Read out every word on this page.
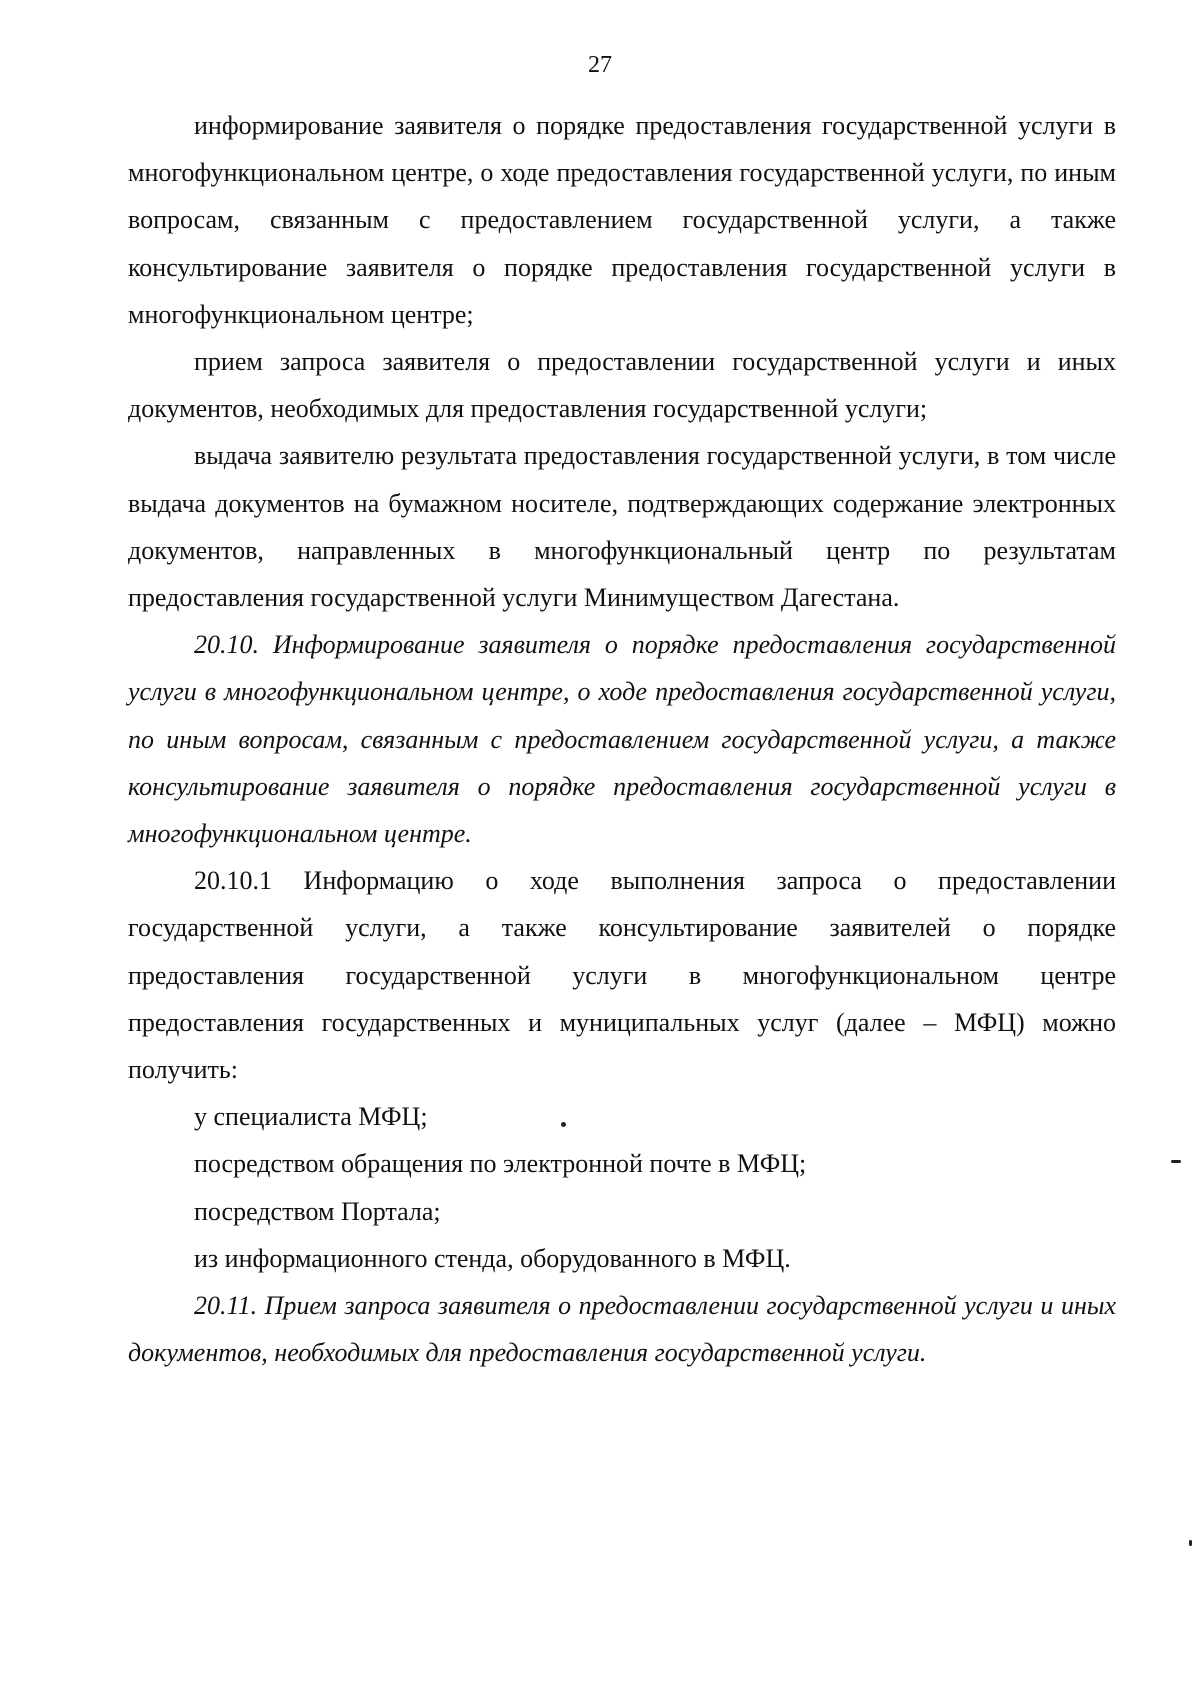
27

информирование заявителя о порядке предоставления государственной услуги в многофункциональном центре, о ходе предоставления государственной услуги, по иным вопросам, связанным с предоставлением государственной услуги, а также консультирование заявителя о порядке предоставления государственной услуги в многофункциональном центре;

прием запроса заявителя о предоставлении государственной услуги и иных документов, необходимых для предоставления государственной услуги;

выдача заявителю результата предоставления государственной услуги, в том числе выдача документов на бумажном носителе, подтверждающих содержание электронных документов, направленных в многофункциональный центр по результатам предоставления государственной услуги Минимуществом Дагестана.

20.10. Информирование заявителя о порядке предоставления государственной услуги в многофункциональном центре, о ходе предоставления государственной услуги, по иным вопросам, связанным с предоставлением государственной услуги, а также консультирование заявителя о порядке предоставления государственной услуги в многофункциональном центре.

20.10.1 Информацию о ходе выполнения запроса о предоставлении государственной услуги, а также консультирование заявителей о порядке предоставления государственной услуги в многофункциональном центре предоставления государственных и муниципальных услуг (далее – МФЦ) можно получить:

у специалиста МФЦ;

посредством обращения по электронной почте в МФЦ;

посредством Портала;

из информационного стенда, оборудованного в МФЦ.

20.11. Прием запроса заявителя о предоставлении государственной услуги и иных документов, необходимых для предоставления государственной услуги.
